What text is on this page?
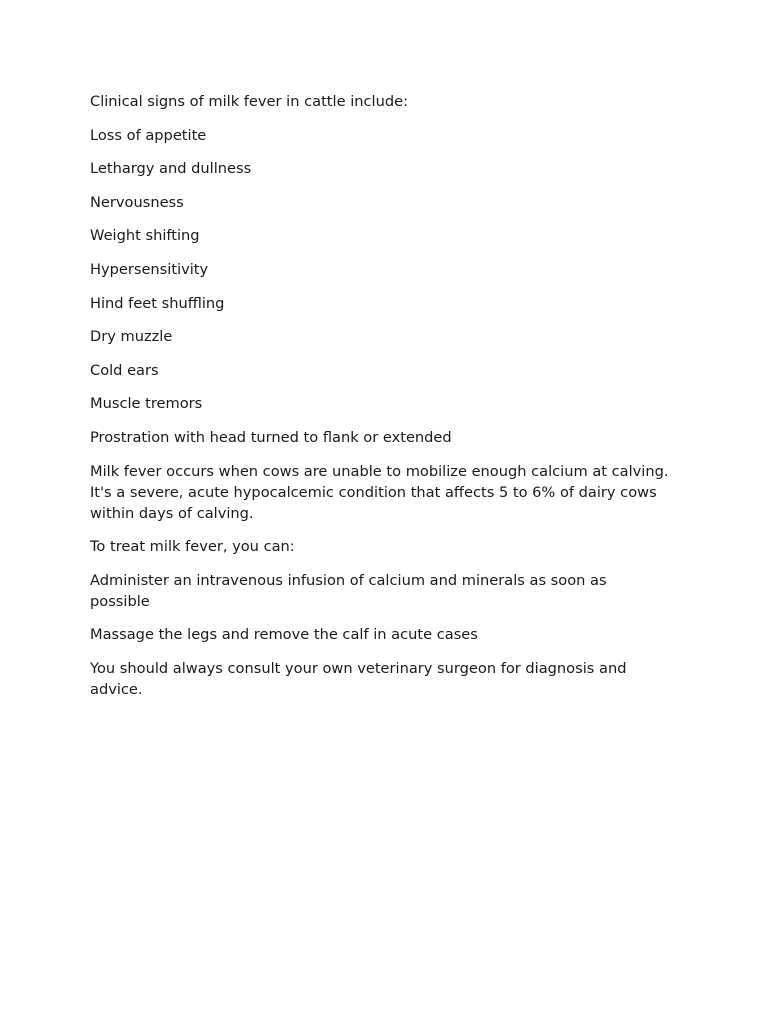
Clinical signs of milk fever in cattle include:

Loss of appetite

Lethargy and dullness

Nervousness

Weight shifting

Hypersensitivity

Hind feet shuffling

Dry muzzle

Cold ears

Muscle tremors

Prostration with head turned to flank or extended

Milk fever occurs when cows are unable to mobilize enough calcium at calving. It's a severe, acute hypocalcemic condition that affects 5 to 6% of dairy cows within days of calving.

To treat milk fever, you can:

Administer an intravenous infusion of calcium and minerals as soon as possible

Massage the legs and remove the calf in acute cases

You should always consult your own veterinary surgeon for diagnosis and advice.
